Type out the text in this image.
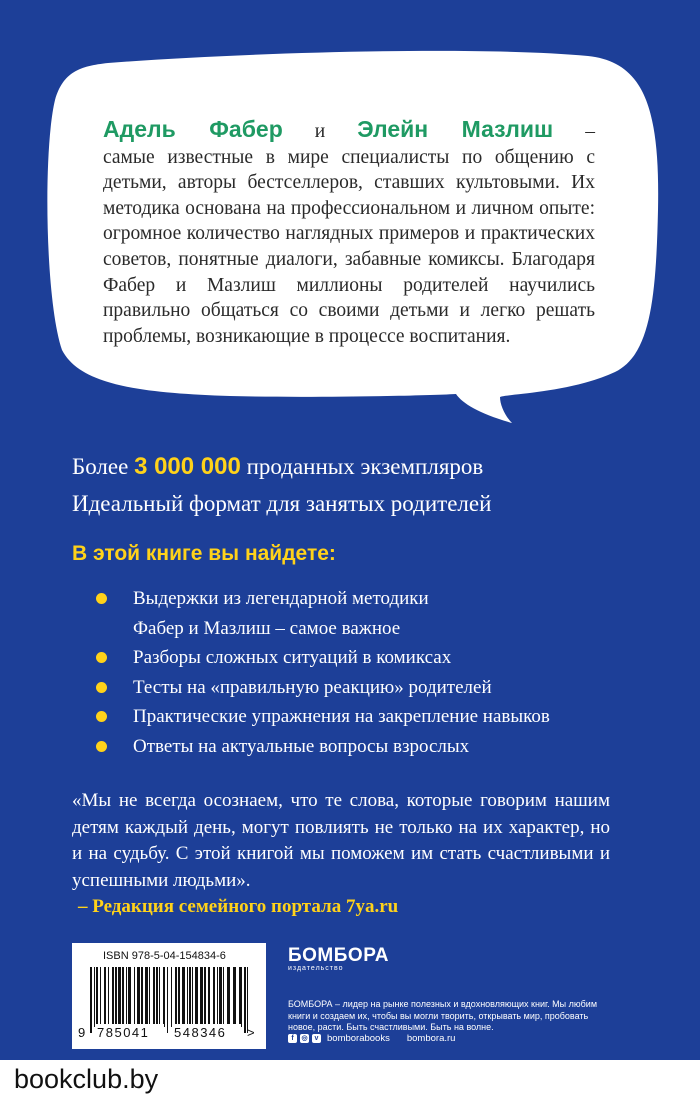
Адель Фабер и Элейн Мазлиш –
самые известные в мире специалисты по общению с детьми, авторы бестселлеров, ставших культовыми. Их методика основана на профессиональном и личном опыте: огромное количество наглядных примеров и практических советов, понятные диалоги, забавные комиксы. Благодаря Фабер и Мазлиш миллионы родителей научились правильно общаться со своими детьми и легко решать проблемы, возникающие в процессе воспитания.
Более 3 000 000 проданных экземпляров
Идеальный формат для занятых родителей
В этой книге вы найдете:
Выдержки из легендарной методики Фабер и Мазлиш – самое важное
Разборы сложных ситуаций в комиксах
Тесты на «правильную реакцию» родителей
Практические упражнения на закрепление навыков
Ответы на актуальные вопросы взрослых
«Мы не всегда осознаем, что те слова, которые говорим нашим детям каждый день, могут повлиять не только на их характер, но и на судьбу. С этой книгой мы поможем им стать счастливыми и успешными людьми».
– Редакция семейного портала 7ya.ru
ISBN 978-5-04-154834-6
9 785041 548346 >
БОМБОРА
издательство
БОМБОРА – лидер на рынке полезных и вдохновляющих книг. Мы любим книги и создаем их, чтобы вы могли творить, открывать мир, пробовать новое, расти. Быть счастливыми. Быть на волне.
f	◎	v bomborabooks bombora.ru
bookclub.by
